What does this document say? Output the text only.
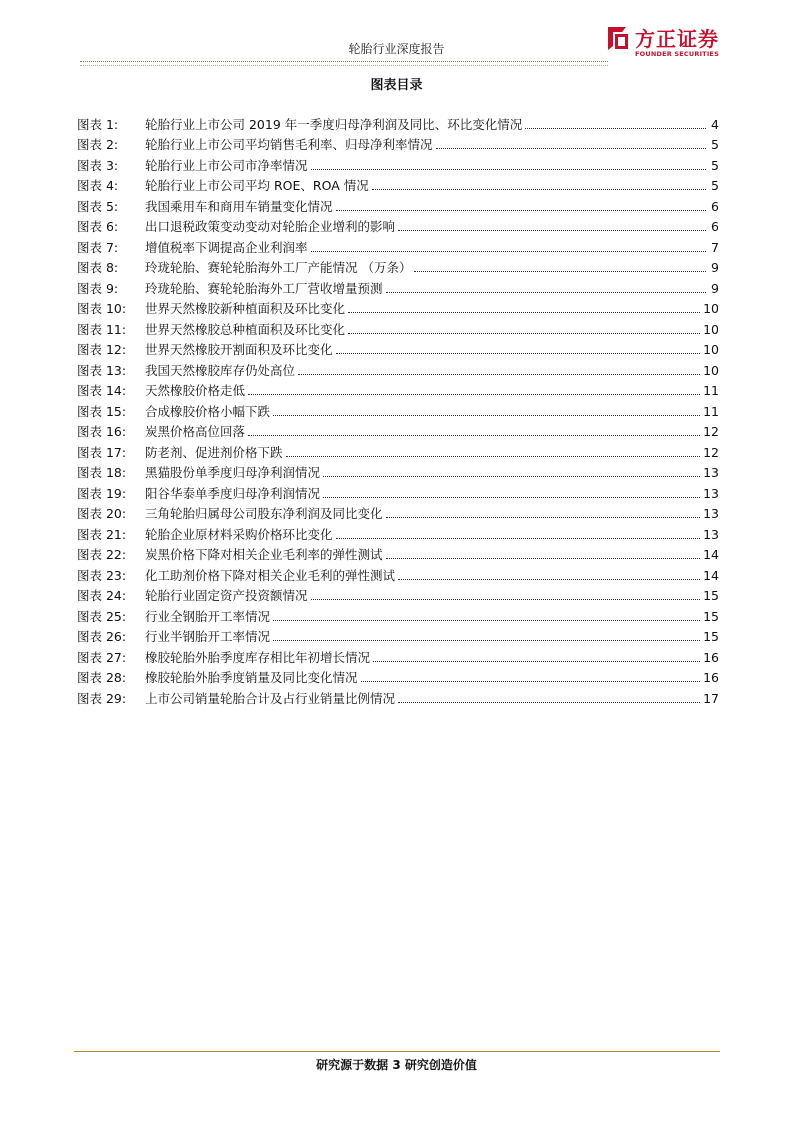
轮胎行业深度报告	方正证券
FOUNDER SECURITIES
图表目录
图表 1:	轮胎行业上市公司 2019 年一季度归母净利润及同比、环比变化情况	4
图表 2:	轮胎行业上市公司平均销售毛利率、归母净利率情况	5
图表 3:	轮胎行业上市公司市净率情况	5
图表 4:	轮胎行业上市公司平均 ROE、ROA 情况	5
图表 5:	我国乘用车和商用车销量变化情况	6
图表 6:	出口退税政策变动变动对轮胎企业增利的影响	6
图表 7:	增值税率下调提高企业利润率	7
图表 8:	玲珑轮胎、赛轮轮胎海外工厂产能情况 （万条）	9
图表 9:	玲珑轮胎、赛轮轮胎海外工厂营收增量预测	9
图表 10:	世界天然橡胶新种植面积及环比变化	10
图表 11:	世界天然橡胶总种植面积及环比变化	10
图表 12:	世界天然橡胶开割面积及环比变化	10
图表 13:	我国天然橡胶库存仍处高位	10
图表 14:	天然橡胶价格走低	11
图表 15:	合成橡胶价格小幅下跌	11
图表 16:	炭黑价格高位回落	12
图表 17:	防老剂、促进剂价格下跌	12
图表 18:	黑猫股份单季度归母净利润情况	13
图表 19:	阳谷华泰单季度归母净利润情况	13
图表 20:	三角轮胎归属母公司股东净利润及同比变化	13
图表 21:	轮胎企业原材料采购价格环比变化	13
图表 22:	炭黑价格下降对相关企业毛利率的弹性测试	14
图表 23:	化工助剂价格下降对相关企业毛利的弹性测试	14
图表 24:	轮胎行业固定资产投资额情况	15
图表 25:	行业全钢胎开工率情况	15
图表 26:	行业半钢胎开工率情况	15
图表 27:	橡胶轮胎外胎季度库存相比年初增长情况	16
图表 28:	橡胶轮胎外胎季度销量及同比变化情况	16
图表 29:	上市公司销量轮胎合计及占行业销量比例情况	17
研究源于数据 3 研究创造价值
